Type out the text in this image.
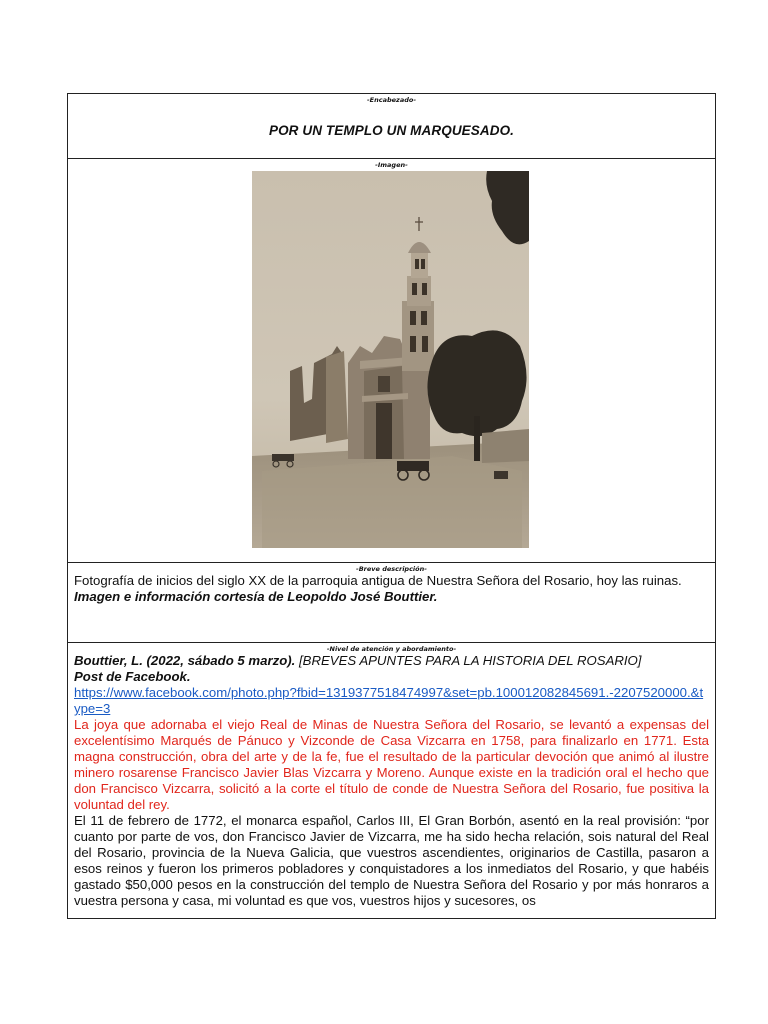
-Encabezado-
POR UN TEMPLO UN MARQUESADO.
-Imagen-
-Breve descripción-

Fotografía de inicios del siglo XX de la parroquia antigua de Nuestra Señora del Rosario, hoy las ruinas.

Imagen e información cortesía de Leopoldo José Bouttier.

-Nivel de atención y abordamiento-

Bouttier, L. (2022, sábado 5 marzo). [BREVES APUNTES PARA LA HISTORIA DEL ROSARIO]

Post de Facebook.

https://www.facebook.com/photo.php?fbid=1319377518474997&set=pb.100012082845691.-2207520000.&type=3

La joya que adornaba el viejo Real de Minas de Nuestra Señora del Rosario, se levantó a expensas del excelentísimo Marqués de Pánuco y Vizconde de Casa Vizcarra en 1758, para finalizarlo en 1771. Esta magna construcción, obra del arte y de la fe, fue el resultado de la particular devoción que animó al ilustre minero rosarense Francisco Javier Blas Vizcarra y Moreno. Aunque existe en la tradición oral el hecho que don Francisco Vizcarra, solicitó a la corte el título de conde de Nuestra Señora del Rosario, fue positiva la voluntad del rey.

El 11 de febrero de 1772, el monarca español, Carlos III, El Gran Borbón, asentó en la real provisión: “por cuanto por parte de vos, don Francisco Javier de Vizcarra, me ha sido hecha relación, sois natural del Real del Rosario, provincia de la Nueva Galicia, que vuestros ascendientes, originarios de Castilla, pasaron a esos reinos y fueron los primeros pobladores y conquistadores a los inmediatos del Rosario, y que habéis gastado $50,000 pesos en la construcción del templo de Nuestra Señora del Rosario y por más honraros a vuestra persona y casa, mi voluntad es que vos, vuestros hijos y sucesores, os
